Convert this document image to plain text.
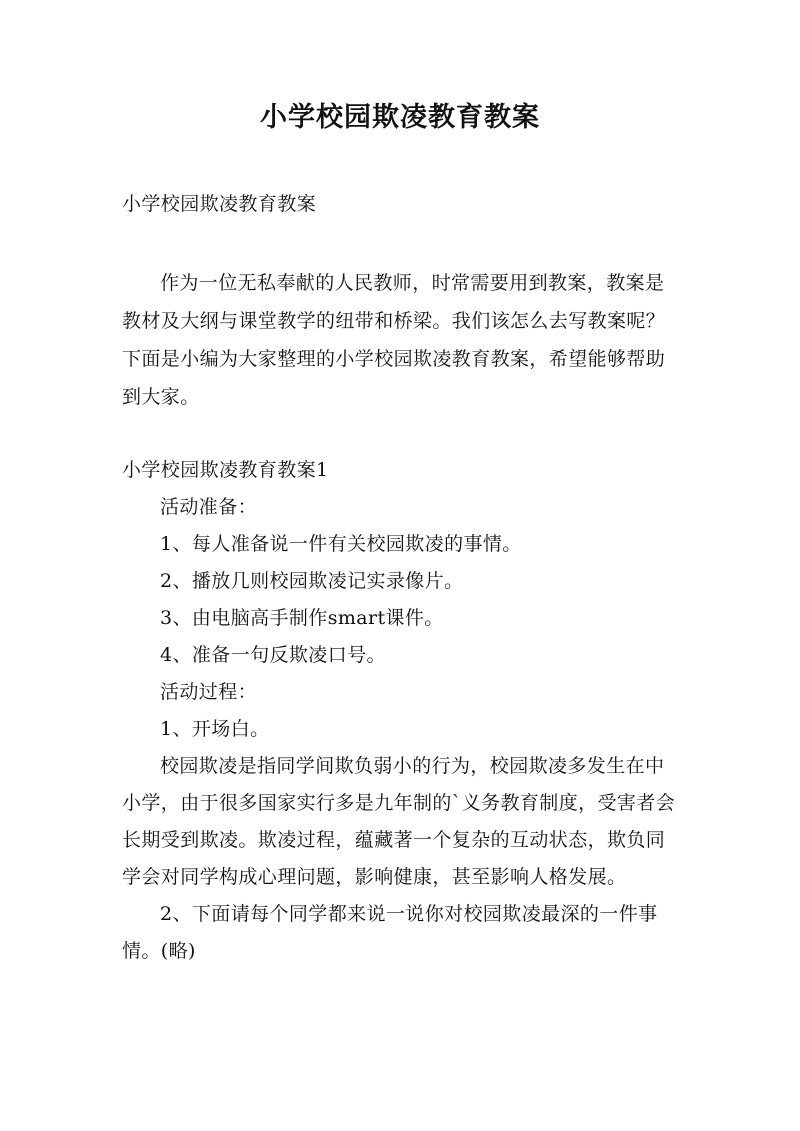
小学校园欺凌教育教案

小学校园欺凌教育教案

作为一位无私奉献的人民教师，时常需要用到教案，教案是教材及大纲与课堂教学的纽带和桥梁。我们该怎么去写教案呢？下面是小编为大家整理的小学校园欺凌教育教案，希望能够帮助到大家。

小学校园欺凌教育教案1

活动准备：

1、每人准备说一件有关校园欺凌的事情。

2、播放几则校园欺凌记实录像片。

3、由电脑高手制作smart课件。

4、准备一句反欺凌口号。

活动过程：

1、开场白。

校园欺凌是指同学间欺负弱小的行为，校园欺凌多发生在中小学，由于很多国家实行多是九年制的`义务教育制度，受害者会长期受到欺凌。欺凌过程，蕴藏著一个复杂的互动状态，欺负同学会对同学构成心理问题，影响健康，甚至影响人格发展。

2、下面请每个同学都来说一说你对校园欺凌最深的一件事情。(略)
